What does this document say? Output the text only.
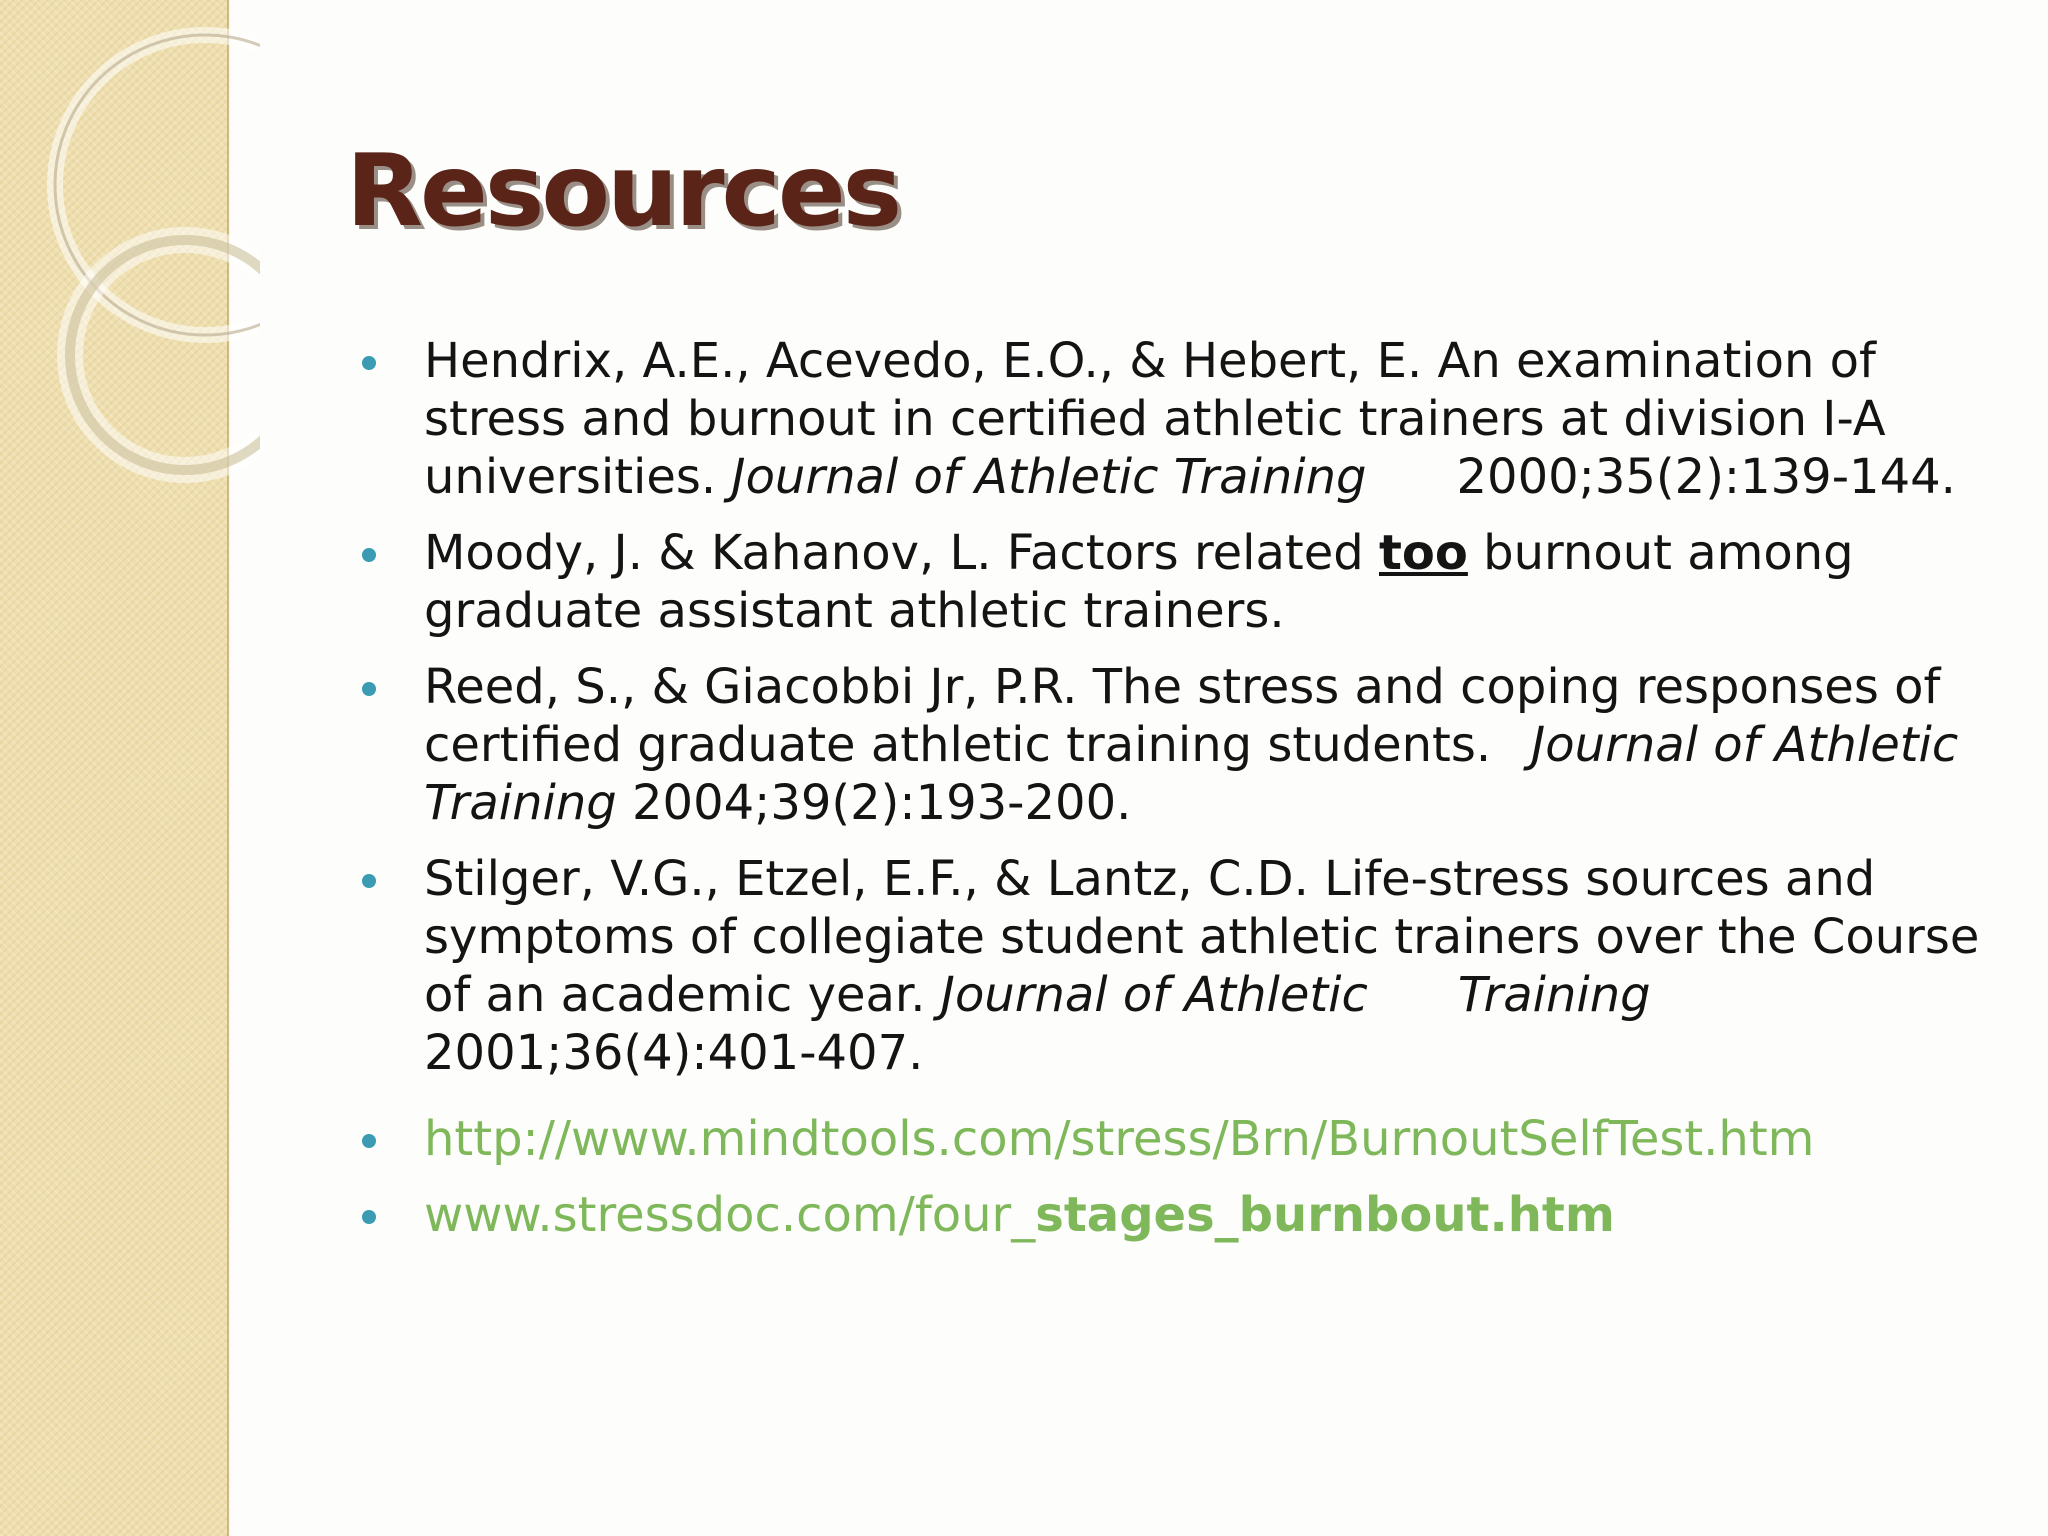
Resources
Hendrix, A.E., Acevedo, E.O., & Hebert, E. An examination of stress and burnout in certified athletic trainers at division I-A universities. Journal of Athletic Training 2000;35(2):139-144.
Moody, J. & Kahanov, L. Factors related too burnout among graduate assistant athletic trainers.
Reed, S., & Giacobbi Jr, P.R. The stress and coping responses of certified graduate athletic training students. Journal of Athletic Training 2004;39(2):193-200.
Stilger, V.G., Etzel, E.F., & Lantz, C.D. Life-stress sources and symptoms of collegiate student athletic trainers over the Course of an academic year. Journal of Athletic Training
2001;36(4):401-407.
http://www.mindtools.com/stress/Brn/BurnoutSelfTest.htm
www.stressdoc.com/four_stages_burnbout.htm
